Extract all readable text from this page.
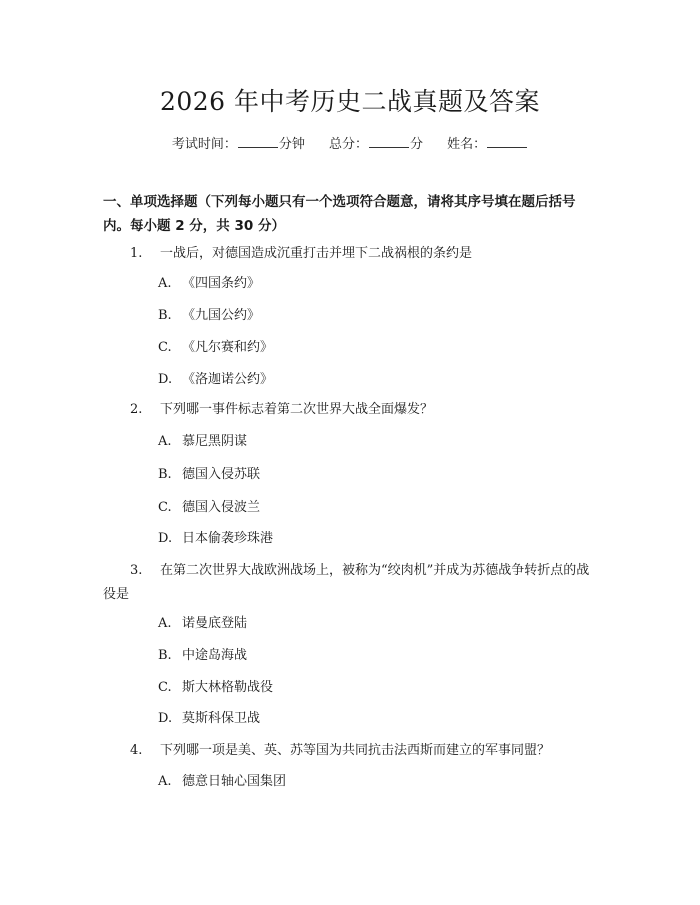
2026 年中考历史二战真题及答案
考试时间：	分钟 总分：	分 姓名：
一、单项选择题（下列每小题只有一个选项符合题意，请将其序号填在题后括号内。每小题 2 分，共 30 分）
1. 一战后，对德国造成沉重打击并埋下二战祸根的条约是
A. 《四国条约》
B. 《九国公约》
C. 《凡尔赛和约》
D. 《洛迦诺公约》
2. 下列哪一事件标志着第二次世界大战全面爆发？
A. 慕尼黑阴谋
B. 德国入侵苏联
C. 德国入侵波兰
D. 日本偷袭珍珠港
3. 在第二次世界大战欧洲战场上，被称为“绞肉机”并成为苏德战争转折点的战役是
A. 诺曼底登陆
B. 中途岛海战
C. 斯大林格勒战役
D. 莫斯科保卫战
4. 下列哪一项是美、英、苏等国为共同抗击法西斯而建立的军事同盟？
A. 德意日轴心国集团
